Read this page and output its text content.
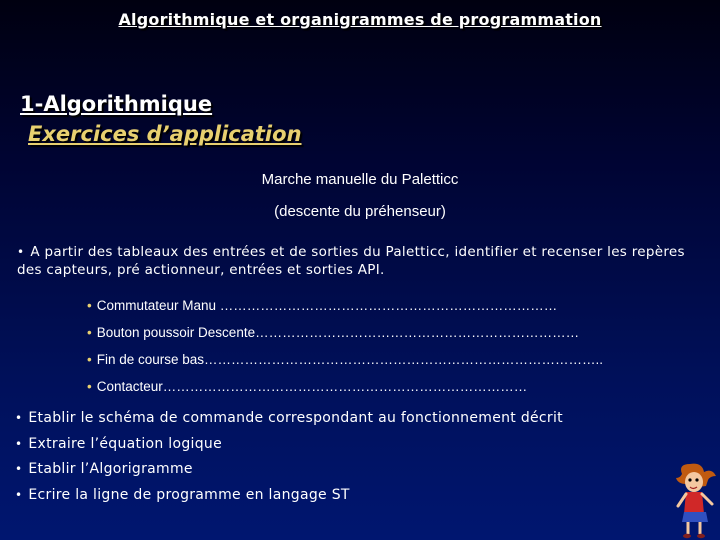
Algorithmique et organigrammes de programmation
1-Algorithmique
Exercices d’application
Marche manuelle du Paletticc
(descente du préhenseur)
• A partir des tableaux des entrées et de sorties du Paletticc, identifier et recenser les repères des capteurs, pré actionneur, entrées et sorties API.
• Commutateur Manu …………………………………………………………………
• Bouton poussoir Descente………………………………………………………………
• Fin de course bas……………………………………………………………………………..
• Contacteur………………………………………………………………………
• Etablir le schéma de commande correspondant au fonctionnement décrit
• Extraire l’équation logique
• Etablir l’Algorigramme
• Ecrire la ligne de programme en langage ST
